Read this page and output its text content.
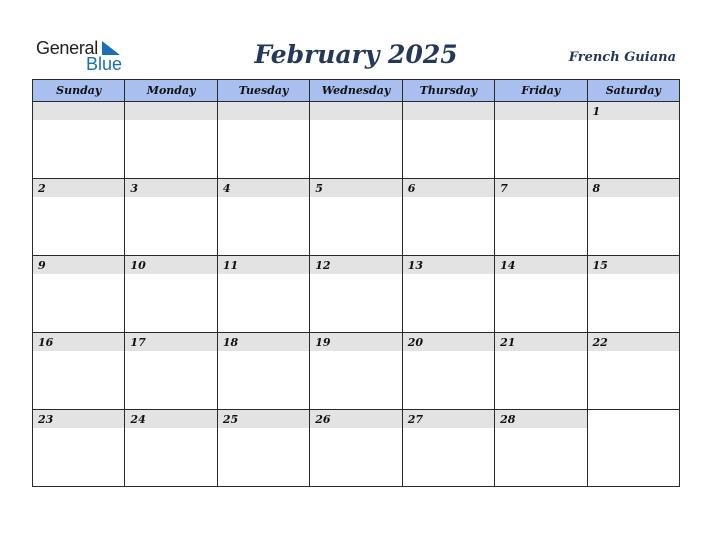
General
Blue	February 2025	French Guiana
Sunday	Monday	Tuesday	Wednesday	Thursday	Friday	Saturday

						1

2	3	4	5	6	7	8

9	10	11	12	13	14	15

16	17	18	19	20	21	22

23	24	25	26	27	28	
